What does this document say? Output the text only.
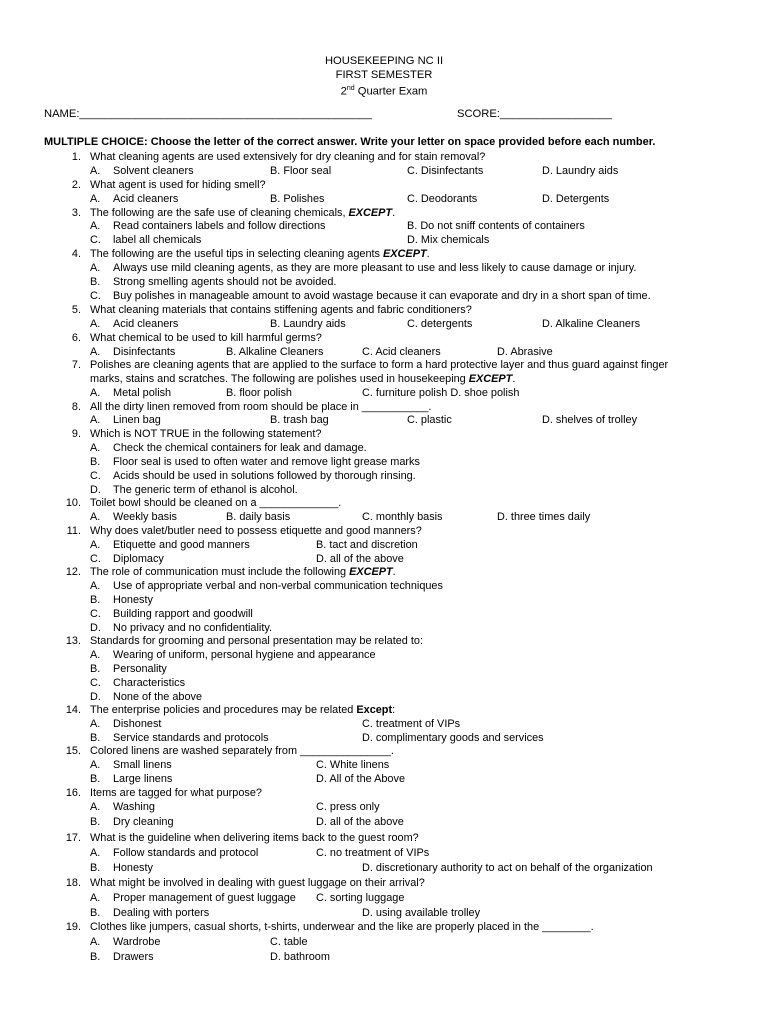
HOUSEKEEPING NC II
FIRST SEMESTER
2nd Quarter Exam
NAME:_______________________________________________	SCORE:__________________
MULTIPLE CHOICE: Choose the letter of the correct answer. Write your letter on space provided before each number.
1. What cleaning agents are used extensively for dry cleaning and for stain removal?
A. Solvent cleaners	B. Floor seal	C. Disinfectants	D. Laundry aids
2. What agent is used for hiding smell?
A. Acid cleaners	B. Polishes	C. Deodorants	D. Detergents
3. The following are the safe use of cleaning chemicals, EXCEPT.
A. Read containers labels and follow directions	B. Do not sniff contents of containers
C. label all chemicals	D. Mix chemicals
4. The following are the useful tips in selecting cleaning agents EXCEPT.
A. Always use mild cleaning agents, as they are more pleasant to use and less likely to cause damage or injury.
B. Strong smelling agents should not be avoided.
C. Buy polishes in manageable amount to avoid wastage because it can evaporate and dry in a short span of time.
5. What cleaning materials that contains stiffening agents and fabric conditioners?
A. Acid cleaners	B. Laundry aids	C. detergents	D. Alkaline Cleaners
6. What chemical to be used to kill harmful germs?
A. Disinfectants	B. Alkaline Cleaners	C. Acid cleaners	D. Abrasive
7. Polishes are cleaning agents that are applied to the surface to form a hard protective layer and thus guard against finger
marks, stains and scratches. The following are polishes used in housekeeping EXCEPT.
A. Metal polish	B. floor polish	C. furniture polish D. shoe polish
8. All the dirty linen removed from room should be place in ___________.
A. Linen bag	B. trash bag	C. plastic	D. shelves of trolley
9. Which is NOT TRUE in the following statement?
A. Check the chemical containers for leak and damage.
B. Floor seal is used to often water and remove light grease marks
C. Acids should be used in solutions followed by thorough rinsing.
D. The generic term of ethanol is alcohol.
10. Toilet bowl should be cleaned on a _____________.
A. Weekly basis	B. daily basis	C. monthly basis	D. three times daily
11. Why does valet/butler need to possess etiquette and good manners?
A. Etiquette and good manners	B. tact and discretion
C. Diplomacy	D. all of the above
12. The role of communication must include the following EXCEPT.
A. Use of appropriate verbal and non-verbal communication techniques
B. Honesty
C. Building rapport and goodwill
D. No privacy and no confidentiality.
13. Standards for grooming and personal presentation may be related to:
A. Wearing of uniform, personal hygiene and appearance
B. Personality
C. Characteristics
D. None of the above
14. The enterprise policies and procedures may be related Except:
A. Dishonest	C. treatment of VIPs
B. Service standards and protocols	D. complimentary goods and services
15. Colored linens are washed separately from _______________.
A. Small linens	C. White linens
B. Large linens	D. All of the Above
16. Items are tagged for what purpose?
A. Washing	C. press only
B. Dry cleaning	D. all of the above
17. What is the guideline when delivering items back to the guest room?
A. Follow standards and protocol	C. no treatment of VIPs
B. Honesty	D. discretionary authority to act on behalf of the organization
18. What might be involved in dealing with guest luggage on their arrival?
A. Proper management of guest luggage C. sorting luggage
B. Dealing with porters	D. using available trolley
19. Clothes like jumpers, casual shorts, t-shirts, underwear and the like are properly placed in the ________.
A. Wardrobe	C. table
B. Drawers	D. bathroom
